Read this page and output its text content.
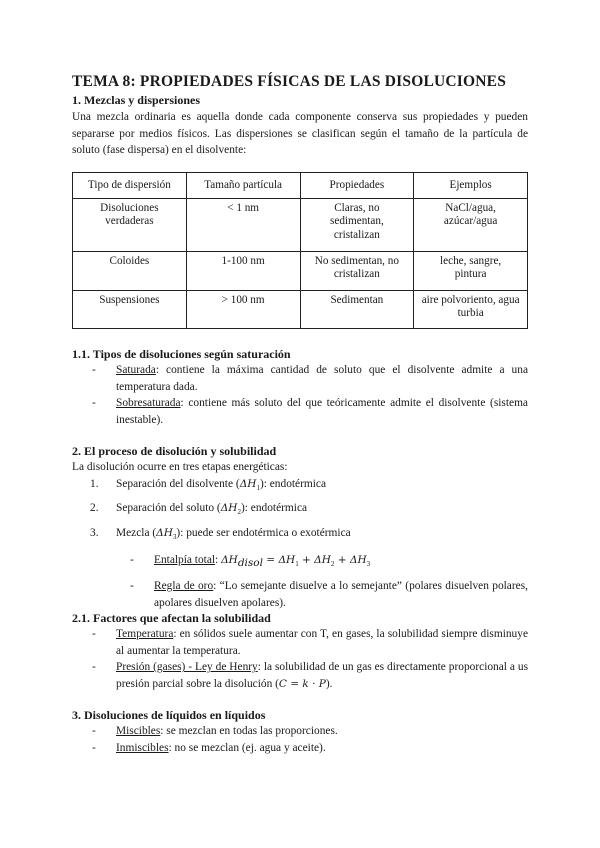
TEMA 8: PROPIEDADES FÍSICAS DE LAS DISOLUCIONES
1. Mezclas y dispersiones

Una mezcla ordinaria es aquella donde cada componente conserva sus propiedades y pueden separarse por medios físicos. Las dispersiones se clasifican según el tamaño de la partícula de soluto (fase dispersa) en el disolvente:

Tipo de dispersión	Tamaño partícula	Propiedades	Ejemplos
Disoluciones verdaderas	< 1 nm	Claras, no sedimentan, cristalizan	NaCl/agua, azúcar/agua
Coloides	1-100 nm	No sedimentan, no cristalizan	leche, sangre, pintura
Suspensiones	> 100 nm	Sedimentan	aire polvoriento, agua turbia
1.1. Tipos de disoluciones según saturación
- Saturada: contiene la máxima cantidad de soluto que el disolvente admite a una temperatura dada.
- Sobresaturada: contiene más soluto del que teóricamente admite el disolvente (sistema inestable).
2. El proceso de disolución y solubilidad

La disolución ocurre en tres etapas energéticas:

1. Separación del disolvente $(\Delta H_1)$: endotérmica
2. Separación del soluto $(\Delta H_2)$: endotérmica
3. Mezcla $(\Delta H_3)$: puede ser endotérmica o exotérmica
- Entalpía total: $\Delta H_{disol} = \Delta H_1 + \Delta H_2 + \Delta H_3$
- Regla de oro: “Lo semejante disuelve a lo semejante” (polares disuelven polares, apolares disuelven apolares).
2.1. Factores que afectan la solubilidad
- Temperatura: en sólidos suele aumentar con T, en gases, la solubilidad siempre disminuye al aumentar la temperatura.
- Presión (gases) - Ley de Henry: la solubilidad de un gas es directamente proporcional a us presión parcial sobre la disolución (C = k · P).
3. Disoluciones de líquidos en líquidos
- Miscibles: se mezclan en todas las proporciones.
- Inmiscibles: no se mezclan (ej. agua y aceite).
